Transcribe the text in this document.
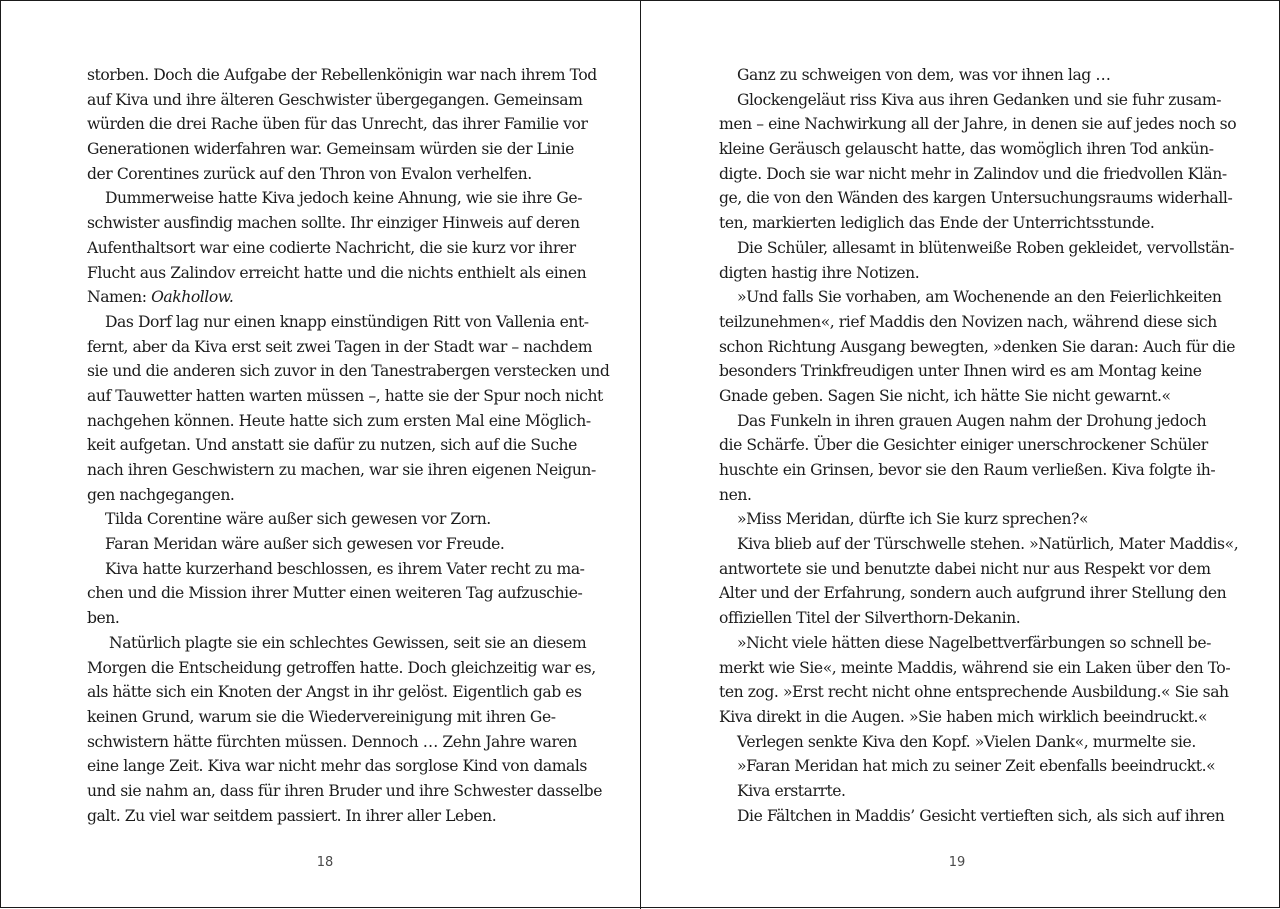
storben. Doch die Aufgabe der Rebellenkönigin war nach ihrem Tod
auf Kiva und ihre älteren Geschwister übergegangen. Gemeinsam
würden die drei Rache üben für das Unrecht, das ihrer Familie vor
Generationen widerfahren war. Gemeinsam würden sie der Linie
der Corentines zurück auf den Thron von Evalon verhelfen.
Dummerweise hatte Kiva jedoch keine Ahnung, wie sie ihre Ge-
schwister ausfindig machen sollte. Ihr einziger Hinweis auf deren
Aufenthaltsort war eine codierte Nachricht, die sie kurz vor ihrer
Flucht aus Zalindov erreicht hatte und die nichts enthielt als einen
Namen: Oakhollow.
Das Dorf lag nur einen knapp einstündigen Ritt von Vallenia ent-
fernt, aber da Kiva erst seit zwei Tagen in der Stadt war – nachdem
sie und die anderen sich zuvor in den Tanestrabergen verstecken und
auf Tauwetter hatten warten müssen –, hatte sie der Spur noch nicht
nachgehen können. Heute hatte sich zum ersten Mal eine Möglich-
keit aufgetan. Und anstatt sie dafür zu nutzen, sich auf die Suche
nach ihren Geschwistern zu machen, war sie ihren eigenen Neigun-
gen nachgegangen.
Tilda Corentine wäre außer sich gewesen vor Zorn.
Faran Meridan wäre außer sich gewesen vor Freude.
Kiva hatte kurzerhand beschlossen, es ihrem Vater recht zu ma-
chen und die Mission ihrer Mutter einen weiteren Tag aufzuschie-
ben.
Natürlich plagte sie ein schlechtes Gewissen, seit sie an diesem
Morgen die Entscheidung getroffen hatte. Doch gleichzeitig war es,
als hätte sich ein Knoten der Angst in ihr gelöst. Eigentlich gab es
keinen Grund, warum sie die Wiedervereinigung mit ihren Ge-
schwistern hätte fürchten müssen. Dennoch … Zehn Jahre waren
eine lange Zeit. Kiva war nicht mehr das sorglose Kind von damals
und sie nahm an, dass für ihren Bruder und ihre Schwester dasselbe
galt. Zu viel war seitdem passiert. In ihrer aller Leben.
18
Ganz zu schweigen von dem, was vor ihnen lag …
Glockengeläut riss Kiva aus ihren Gedanken und sie fuhr zusam-
men – eine Nachwirkung all der Jahre, in denen sie auf jedes noch so
kleine Geräusch gelauscht hatte, das womöglich ihren Tod ankün-
digte. Doch sie war nicht mehr in Zalindov und die friedvollen Klän-
ge, die von den Wänden des kargen Untersuchungsraums widerhall-
ten, markierten lediglich das Ende der Unterrichtsstunde.
Die Schüler, allesamt in blütenweiße Roben gekleidet, vervollstän-
digten hastig ihre Notizen.
»Und falls Sie vorhaben, am Wochenende an den Feierlichkeiten
teilzunehmen«, rief Maddis den Novizen nach, während diese sich
schon Richtung Ausgang bewegten, »denken Sie daran: Auch für die
besonders Trinkfreudigen unter Ihnen wird es am Montag keine
Gnade geben. Sagen Sie nicht, ich hätte Sie nicht gewarnt.«
Das Funkeln in ihren grauen Augen nahm der Drohung jedoch
die Schärfe. Über die Gesichter einiger unerschrockener Schüler
huschte ein Grinsen, bevor sie den Raum verließen. Kiva folgte ih-
nen.
»Miss Meridan, dürfte ich Sie kurz sprechen?«
Kiva blieb auf der Türschwelle stehen. »Natürlich, Mater Maddis«,
antwortete sie und benutzte dabei nicht nur aus Respekt vor dem
Alter und der Erfahrung, sondern auch aufgrund ihrer Stellung den
offiziellen Titel der Silverthorn-Dekanin.
»Nicht viele hätten diese Nagelbettverfärbungen so schnell be-
merkt wie Sie«, meinte Maddis, während sie ein Laken über den To-
ten zog. »Erst recht nicht ohne entsprechende Ausbildung.« Sie sah
Kiva direkt in die Augen. »Sie haben mich wirklich beeindruckt.«
Verlegen senkte Kiva den Kopf. »Vielen Dank«, murmelte sie.
»Faran Meridan hat mich zu seiner Zeit ebenfalls beeindruckt.«
Kiva erstarrte.
Die Fältchen in Maddis’ Gesicht vertieften sich, als sich auf ihren
19
